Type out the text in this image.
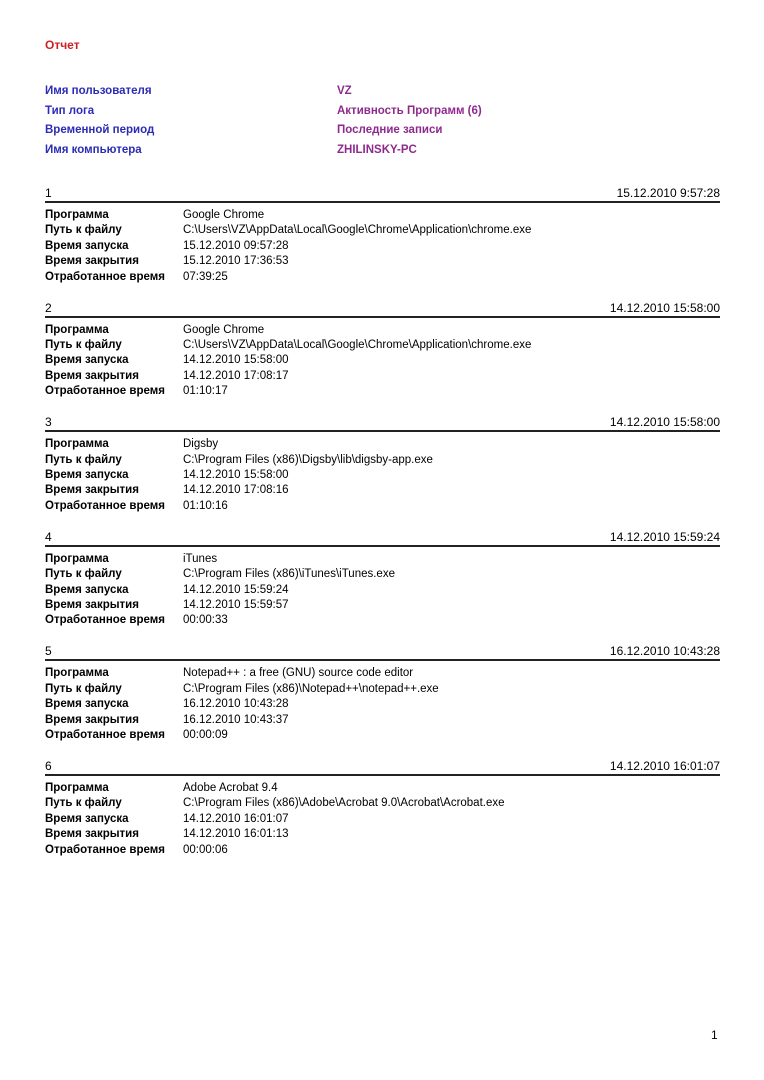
Отчет
Имя пользователя	VZ
Тип лога	Активность Программ (6)
Временной период	Последние записи
Имя компьютера	ZHILINSKY-PC
1	15.12.2010 9:57:28
Программа	Google Chrome
Путь к файлу	C:\Users\VZ\AppData\Local\Google\Chrome\Application\chrome.exe
Время запуска	15.12.2010 09:57:28
Время закрытия	15.12.2010 17:36:53
Отработанное время 07:39:25
2	14.12.2010 15:58:00
Программа	Google Chrome
Путь к файлу	C:\Users\VZ\AppData\Local\Google\Chrome\Application\chrome.exe
Время запуска	14.12.2010 15:58:00
Время закрытия	14.12.2010 17:08:17
Отработанное время 01:10:17
3	14.12.2010 15:58:00
Программа	Digsby
Путь к файлу	C:\Program Files (x86)\Digsby\lib\digsby-app.exe
Время запуска	14.12.2010 15:58:00
Время закрытия	14.12.2010 17:08:16
Отработанное время 01:10:16
4	14.12.2010 15:59:24
Программа	iTunes
Путь к файлу	C:\Program Files (x86)\iTunes\iTunes.exe
Время запуска	14.12.2010 15:59:24
Время закрытия	14.12.2010 15:59:57
Отработанное время 00:00:33
5	16.12.2010 10:43:28
Программа	Notepad++ : a free (GNU) source code editor
Путь к файлу	C:\Program Files (x86)\Notepad++\notepad++.exe
Время запуска	16.12.2010 10:43:28
Время закрытия	16.12.2010 10:43:37
Отработанное время 00:00:09
6	14.12.2010 16:01:07
Программа	Adobe Acrobat 9.4
Путь к файлу	C:\Program Files (x86)\Adobe\Acrobat 9.0\Acrobat\Acrobat.exe
Время запуска	14.12.2010 16:01:07
Время закрытия	14.12.2010 16:01:13
Отработанное время 00:00:06
1
